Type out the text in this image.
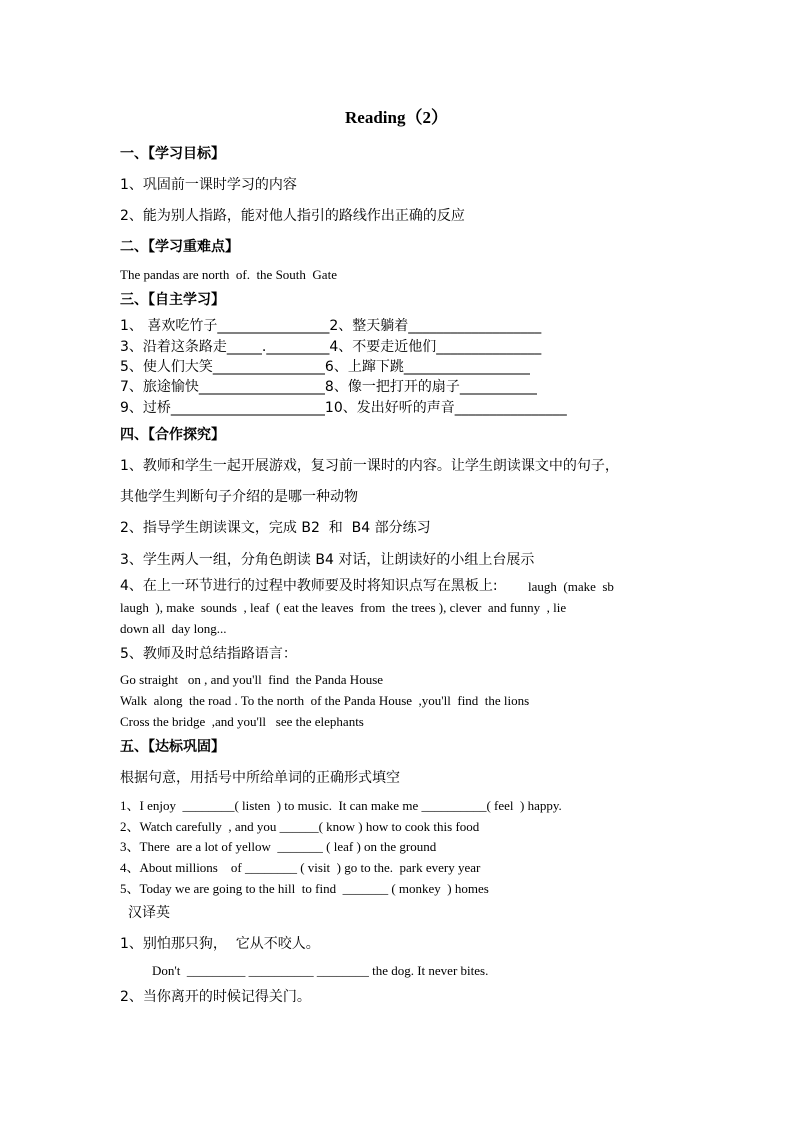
Reading（2）
一、【学习目标】
1、巩固前一课时学习的内容
2、能为别人指路，能对他人指引的路线作出正确的反应
二、【学习重难点】
The pandas are north  of.  the South  Gate
三、【自主学习】
1、 喜欢吃竹子________________2、整天躺着___________________
3、沿着这条路走_____._________4、不要走近他们_______________
5、使人们大笑________________6、上蹿下跳__________________
7、旅途愉快__________________8、像一把打开的扇子___________
9、过桥______________________10、发出好听的声音________________
四、【合作探究】
1、教师和学生一起开展游戏，复习前一课时的内容。让学生朗读课文中的句子，
其他学生判断句子介绍的是哪一种动物
2、指导学生朗读课文，完成 B2  和  B4 部分练习
3、学生两人一组，分角色朗读 B4 对话，让朗读好的小组上台展示
4、在上一环节进行的过程中教师要及时将知识点写在黑板上: laugh  (make  sb
laugh  ), make  sounds  , leaf  ( eat the leaves  from  the trees ), clever  and funny  , lie
down all  day long...
5、教师及时总结指路语言：
Go straight   on , and you'll  find  the Panda House
Walk  along  the road . To the north  of the Panda House  ,you'll  find  the lions
Cross the bridge  ,and you'll   see the elephants
五、【达标巩固】
根据句意，用括号中所给单词的正确形式填空
1、I enjoy  ________( listen  ) to music.  It can make me __________( feel  ) happy.
2、Watch carefully  , and you ______( know ) how to cook this food
3、There  are a lot of yellow  _______ ( leaf ) on the ground
4、About millions    of ________ ( visit  ) go to the.  park every year
5、Today we are going to the hill  to find  _______ ( monkey  ) homes
汉译英
1、别怕那只狗，  它从不咬人。
Don't  _________ __________ ________ the dog. It never bites.
2、当你离开的时候记得关门。
